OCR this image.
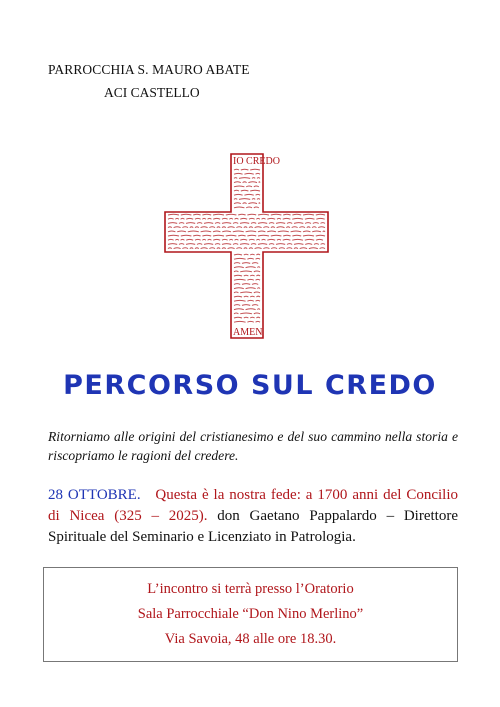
PARROCCHIA S. MAURO ABATE
ACI CASTELLO
IO CREDO
AMEN
PERCORSO SUL CREDO
Ritorniamo alle origini del cristianesimo e del suo cammino nella storia e riscopriamo le ragioni del credere.
28 OTTOBRE. Questa è la nostra fede: a 1700 anni del Concilio di Nicea (325 – 2025). don Gaetano Pappalardo – Direttore Spirituale del Seminario e Licenziato in Patrologia.
L’incontro si terrà presso l’Oratorio
Sala Parrocchiale “Don Nino Merlino”
Via Savoia, 48 alle ore 18.30.
